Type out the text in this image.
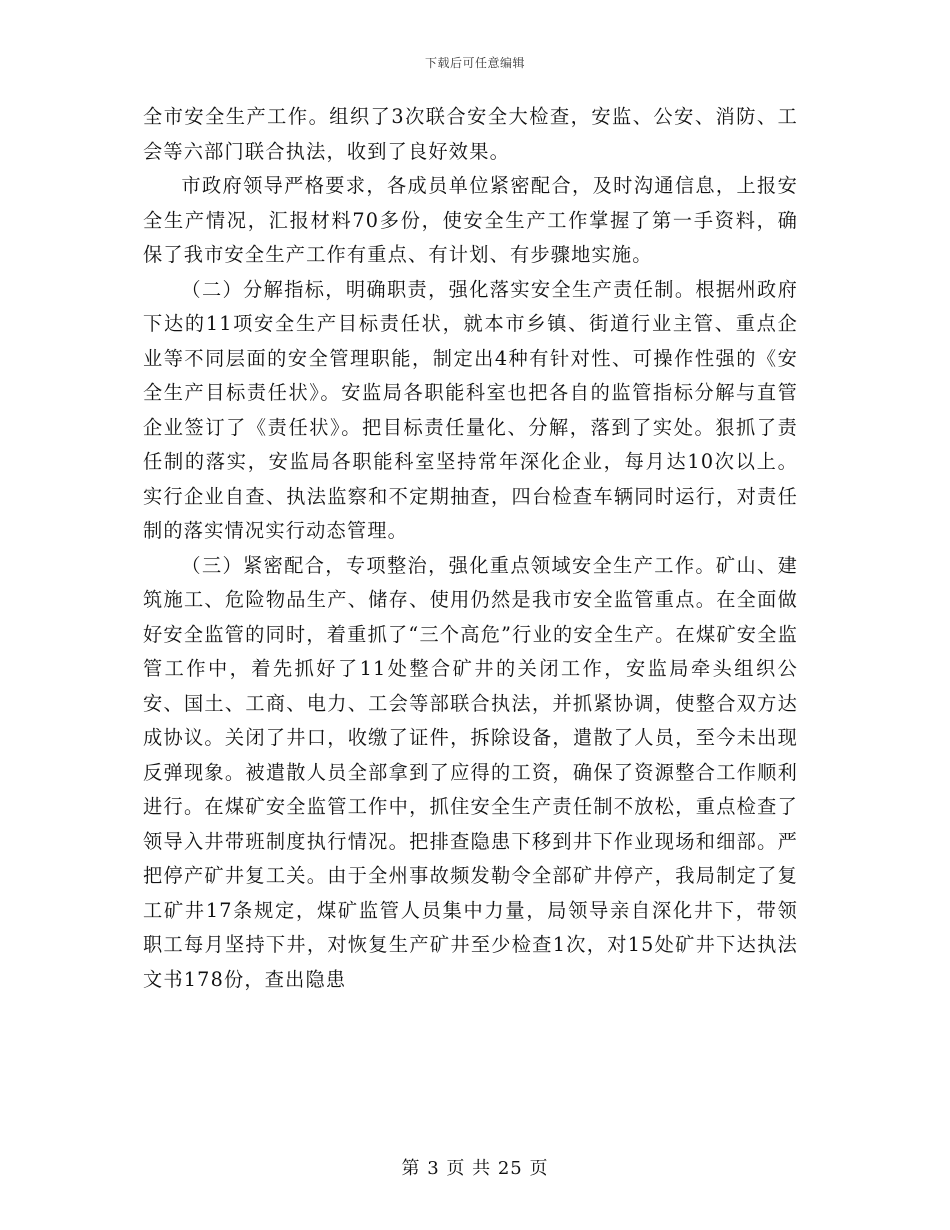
下载后可任意编辑

全市安全生产工作。组织了3次联合安全大检查，安监、公安、消防、工会等六部门联合执法，收到了良好效果。

市政府领导严格要求，各成员单位紧密配合，及时沟通信息，上报安全生产情况，汇报材料70多份，使安全生产工作掌握了第一手资料，确保了我市安全生产工作有重点、有计划、有步骤地实施。

（二）分解指标，明确职责，强化落实安全生产责任制。根据州政府下达的11项安全生产目标责任状，就本市乡镇、街道行业主管、重点企业等不同层面的安全管理职能，制定出4种有针对性、可操作性强的《安全生产目标责任状》。安监局各职能科室也把各自的监管指标分解与直管企业签订了《责任状》。把目标责任量化、分解，落到了实处。狠抓了责任制的落实，安监局各职能科室坚持常年深化企业，每月达10次以上。实行企业自查、执法监察和不定期抽查，四台检查车辆同时运行，对责任制的落实情况实行动态管理。

（三）紧密配合，专项整治，强化重点领域安全生产工作。矿山、建筑施工、危险物品生产、储存、使用仍然是我市安全监管重点。在全面做好安全监管的同时，着重抓了“三个高危”行业的安全生产。在煤矿安全监管工作中，着先抓好了11处整合矿井的关闭工作，安监局牵头组织公安、国土、工商、电力、工会等部联合执法，并抓紧协调，使整合双方达成协议。关闭了井口，收缴了证件，拆除设备，遣散了人员，至今未出现反弹现象。被遣散人员全部拿到了应得的工资，确保了资源整合工作顺利进行。在煤矿安全监管工作中，抓住安全生产责任制不放松，重点检查了领导入井带班制度执行情况。把排查隐患下移到井下作业现场和细部。严把停产矿井复工关。由于全州事故频发勒令全部矿井停产，我局制定了复工矿井17条规定，煤矿监管人员集中力量，局领导亲自深化井下，带领职工每月坚持下井，对恢复生产矿井至少检查1次，对15处矿井下达执法文书178份，查出隐患

第 3 页 共 25 页
